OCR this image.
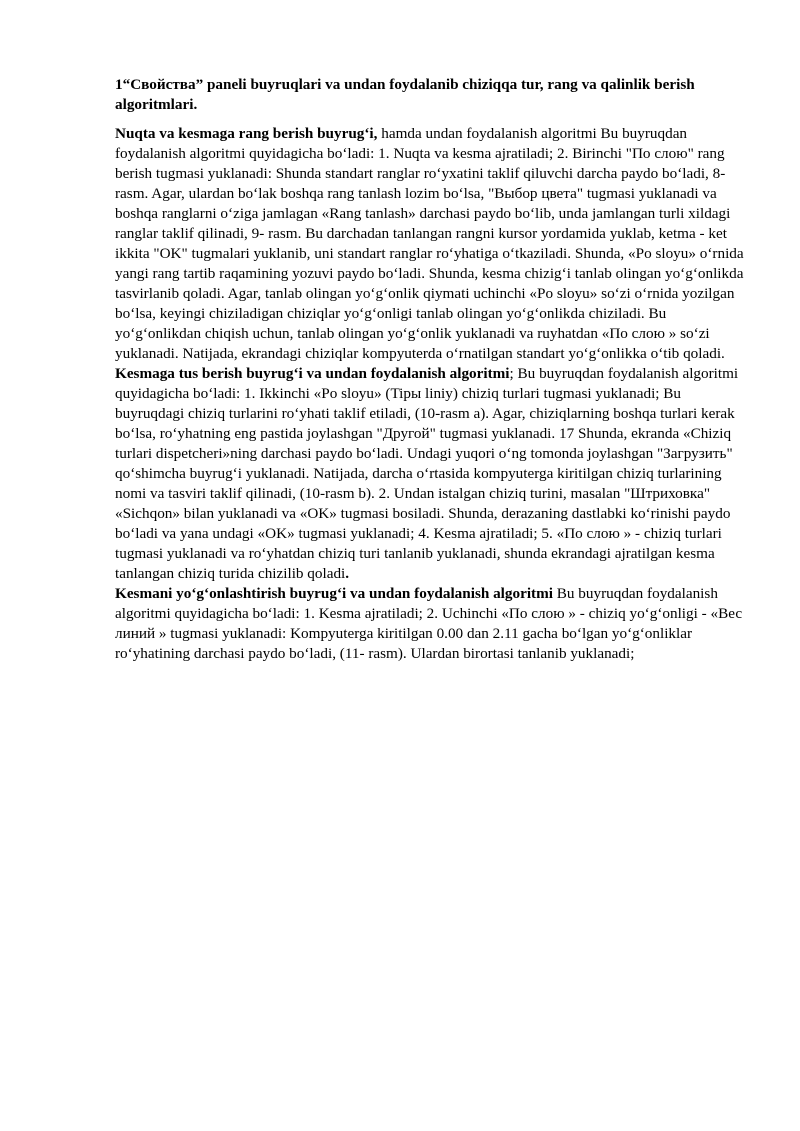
1“Свойства” paneli buyruqlari va undan foydalanib chiziqqa tur, rang va qalinlik berish algoritmlari.

Nuqta va kesmaga rang berish buyrug‘i, hamda undan foydalanish algoritmi Bu buyruqdan foydalanish algoritmi quyidagicha bo‘ladi: 1. Nuqta va kesma ajratiladi; 2. Birinchi "По слою" rang berish tugmasi yuklanadi: Shunda standart ranglar ro‘yxatini taklif qiluvchi darcha paydo bo‘ladi, 8- rasm. Agar, ulardan bo‘lak boshqa rang tanlash lozim bo‘lsa, "Выбор цвета" tugmasi yuklanadi va boshqa ranglarni o‘ziga jamlagan «Rang tanlash» darchasi paydo bo‘lib, unda jamlangan turli xildagi ranglar taklif qilinadi, 9- rasm. Bu darchadan tanlangan rangni kursor yordamida yuklab, ketma - ket ikkita "OK" tugmalari yuklanib, uni standart ranglar ro‘yhatiga o‘tkaziladi. Shunda, «Po sloyu» o‘rnida yangi rang tartib raqamining yozuvi paydo bo‘ladi. Shunda, kesma chizig‘i tanlab olingan yo‘g‘onlikda tasvirlanib qoladi. Agar, tanlab olingan yo‘g‘onlik qiymati uchinchi «Po sloyu» so‘zi o‘rnida yozilgan bo‘lsa, keyingi chiziladigan chiziqlar yo‘g‘onligi tanlab olingan yo‘g‘onlikda chiziladi. Bu yo‘g‘onlikdan chiqish uchun, tanlab olingan yo‘g‘onlik yuklanadi va ruyhatdan «По слою » so‘zi yuklanadi. Natijada, ekrandagi chiziqlar kompyuterda o‘rnatilgan standart yo‘g‘onlikka o‘tib qoladi. Kesmaga tus berish buyrug‘i va undan foydalanish algoritmi; Bu buyruqdan foydalanish algoritmi quyidagicha bo‘ladi: 1. Ikkinchi «Po sloyu» (Tipы liniy) chiziq turlari tugmasi yuklanadi; Bu buyruqdagi chiziq turlarini ro‘yhati taklif etiladi, (10-rasm a). Agar, chiziqlarning boshqa turlari kerak bo‘lsa, ro‘yhatning eng pastida joylashgan "Другой" tugmasi yuklanadi. 17 Shunda, ekranda «Chiziq turlari dispetcheri»ning darchasi paydo bo‘ladi. Undagi yuqori o‘ng tomonda joylashgan "Загрузить" qo‘shimcha buyrug‘i yuklanadi. Natijada, darcha o‘rtasida kompyuterga kiritilgan chiziq turlarining nomi va tasviri taklif qilinadi, (10-rasm b). 2. Undan istalgan chiziq turini, masalan "Штриховка" «Sichqon» bilan yuklanadi va «OK» tugmasi bosiladi. Shunda, derazaning dastlabki ko‘rinishi paydo bo‘ladi va yana undagi «OK» tugmasi yuklanadi; 4. Kesma ajratiladi; 5. «По слою » - chiziq turlari tugmasi yuklanadi va ro‘yhatdan chiziq turi tanlanib yuklanadi, shunda ekrandagi ajratilgan kesma tanlangan chiziq turida chizilib qoladi.
Kesmani yo‘g‘onlashtirish buyrug‘i va undan foydalanish algoritmi Bu buyruqdan foydalanish algoritmi quyidagicha bo‘ladi: 1. Kesma ajratiladi; 2. Uchinchi «По слою » - chiziq yo‘g‘onligi - «Вес линий » tugmasi yuklanadi: Kompyuterga kiritilgan 0.00 dan 2.11 gacha bo‘lgan yo‘g‘onliklar ro‘yhatining darchasi paydo bo‘ladi, (11- rasm). Ulardan birortasi tanlanib yuklanadi;
